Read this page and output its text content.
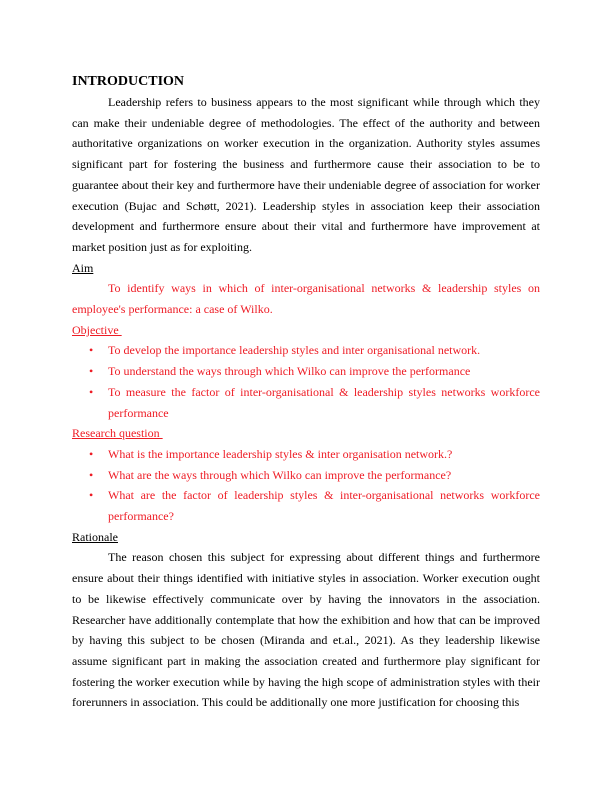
INTRODUCTION

Leadership refers to business appears to the most significant while through which they can make their undeniable degree of methodologies. The effect of the authority and between authoritative organizations on worker execution in the organization. Authority styles assumes significant part for fostering the business and furthermore cause their association to be to guarantee about their key and furthermore have their undeniable degree of association for worker execution (Bujac and Schøtt, 2021). Leadership styles in association keep their association development and furthermore ensure about their vital and furthermore have improvement at market position just as for exploiting.

Aim

To identify ways in which of inter-organisational networks & leadership styles on employee's performance: a case of Wilko.

Objective
• To develop the importance leadership styles and inter organisational network.
• To understand the ways through which Wilko can improve the performance
• To measure the factor of inter-organisational & leadership styles networks workforce performance
Research question
• What is the importance leadership styles & inter organisation network.?
• What are the ways through which Wilko can improve the performance?
• What are the factor of leadership styles & inter-organisational networks workforce performance?
Rationale

The reason chosen this subject for expressing about different things and furthermore ensure about their things identified with initiative styles in association. Worker execution ought to be likewise effectively communicate over by having the innovators in the association. Researcher have additionally contemplate that how the exhibition and how that can be improved by having this subject to be chosen (Miranda and et.al., 2021). As they leadership likewise assume significant part in making the association created and furthermore play significant for fostering the worker execution while by having the high scope of administration styles with their forerunners in association. This could be additionally one more justification for choosing this
